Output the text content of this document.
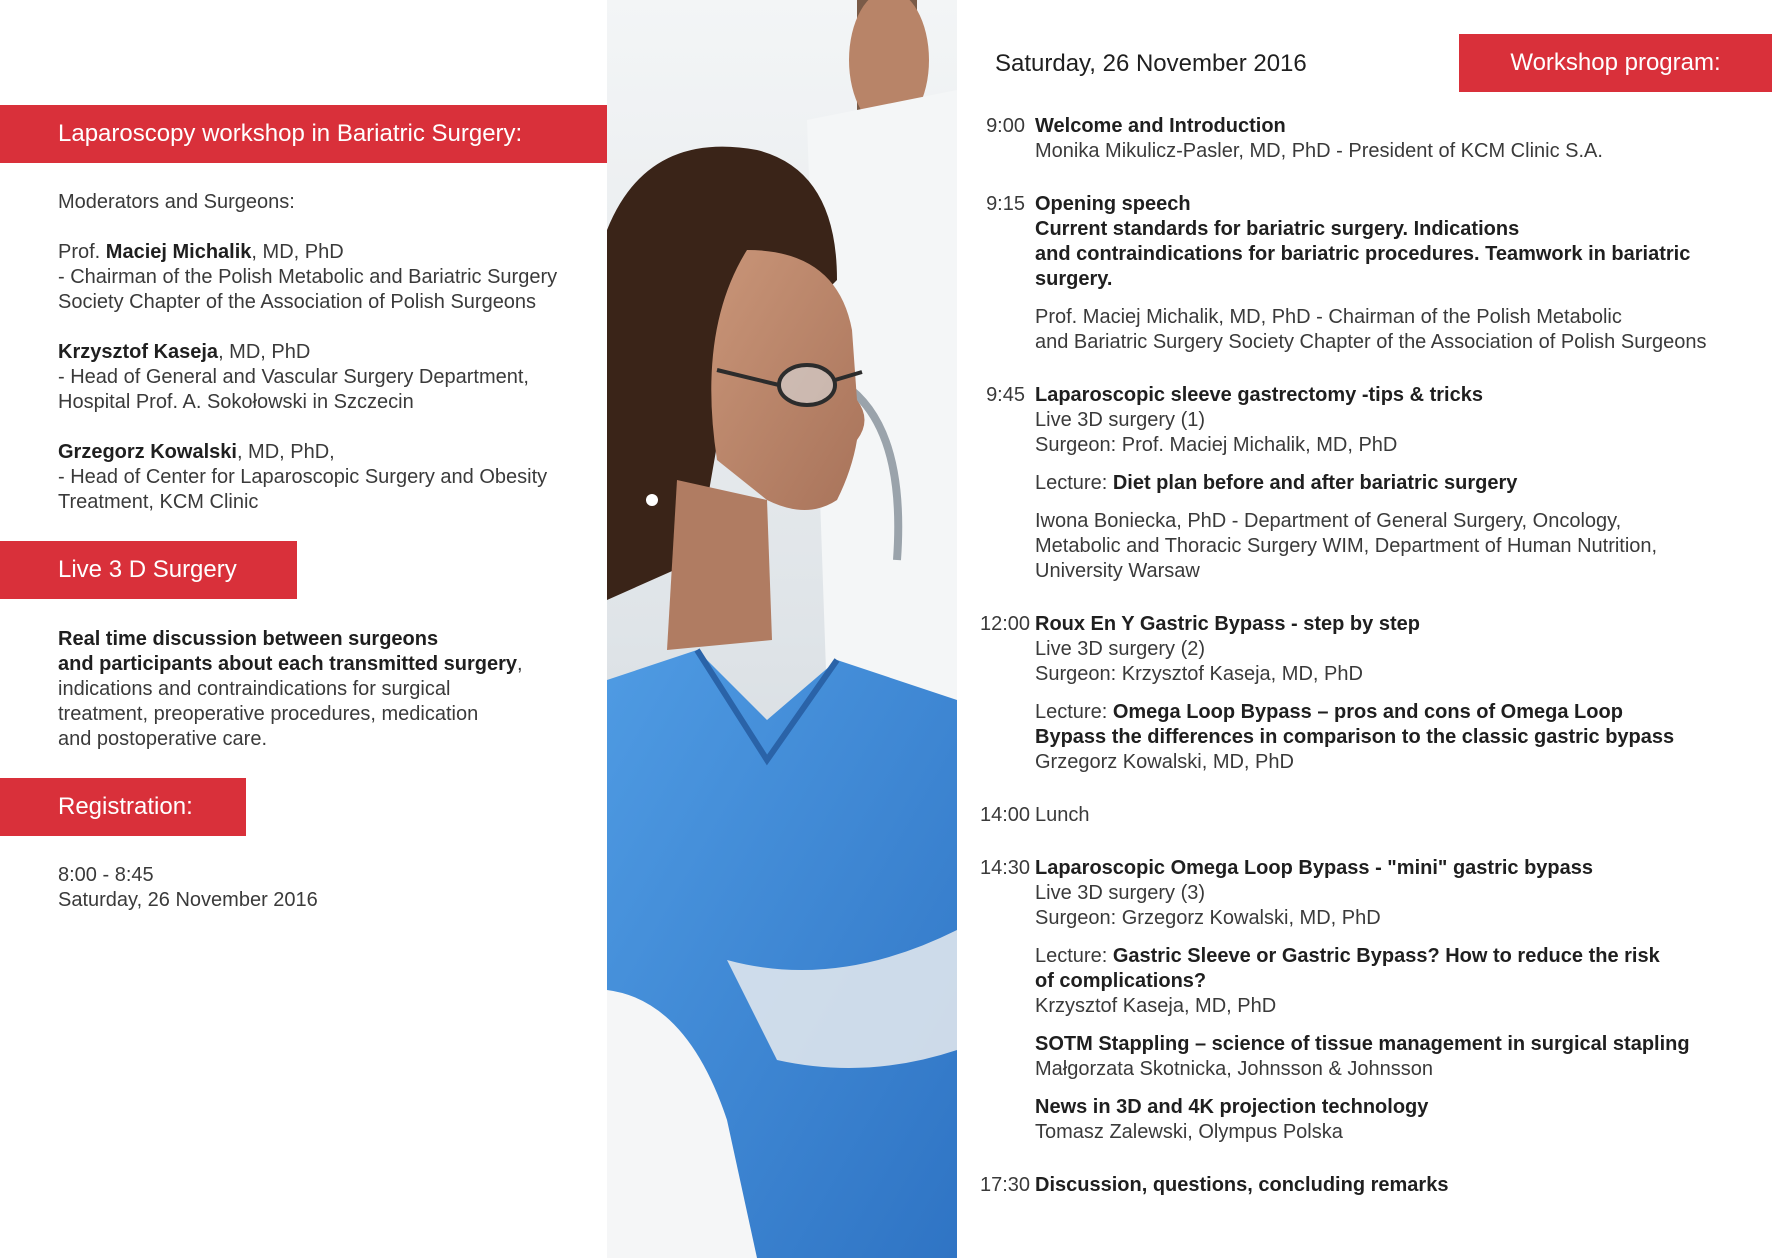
Laparoscopy workshop in Bariatric Surgery:
Moderators and Surgeons:
Prof. Maciej Michalik, MD, PhD
- Chairman of the Polish Metabolic and Bariatric Surgery
Society Chapter of the Association of Polish Surgeons
Krzysztof Kaseja, MD, PhD
- Head of General and Vascular Surgery Department,
Hospital Prof. A. Sokołowski in Szczecin
Grzegorz Kowalski, MD, PhD,
- Head of Center for Laparoscopic Surgery and Obesity
Treatment, KCM Clinic
Live 3 D Surgery
Real time discussion between surgeons
and participants about each transmitted surgery,
indications and contraindications for surgical
treatment, preoperative procedures, medication
and postoperative care.
Registration:
8:00 - 8:45
Saturday, 26 November 2016
Saturday, 26 November 2016	Workshop program:
9:00 Welcome and Introduction
Monika Mikulicz-Pasler, MD, PhD - President of KCM Clinic S.A.
9:15 Opening speech
Current standards for bariatric surgery. Indications
and contraindications for bariatric procedures. Teamwork in bariatric
surgery.
Prof. Maciej Michalik, MD, PhD - Chairman of the Polish Metabolic
and Bariatric Surgery Society Chapter of the Association of Polish Surgeons
9:45 Laparoscopic sleeve gastrectomy -tips & tricks
Live 3D surgery (1)
Surgeon: Prof. Maciej Michalik, MD, PhD
Lecture: Diet plan before and after bariatric surgery
Iwona Boniecka, PhD - Department of General Surgery, Oncology,
Metabolic and Thoracic Surgery WIM, Department of Human Nutrition,
University Warsaw
12:00 Roux En Y Gastric Bypass - step by step
Live 3D surgery (2)
Surgeon: Krzysztof Kaseja, MD, PhD
Lecture: Omega Loop Bypass – pros and cons of Omega Loop
Bypass the differences in comparison to the classic gastric bypass
Grzegorz Kowalski, MD, PhD
14:00 Lunch
14:30 Laparoscopic Omega Loop Bypass - "mini" gastric bypass
Live 3D surgery (3)
Surgeon: Grzegorz Kowalski, MD, PhD
Lecture: Gastric Sleeve or Gastric Bypass? How to reduce the risk
of complications?
Krzysztof Kaseja, MD, PhD
SOTM Stappling – science of tissue management in surgical stapling
Małgorzata Skotnicka, Johnsson & Johnsson
News in 3D and 4K projection technology
Tomasz Zalewski, Olympus Polska
17:30 Discussion, questions, concluding remarks
